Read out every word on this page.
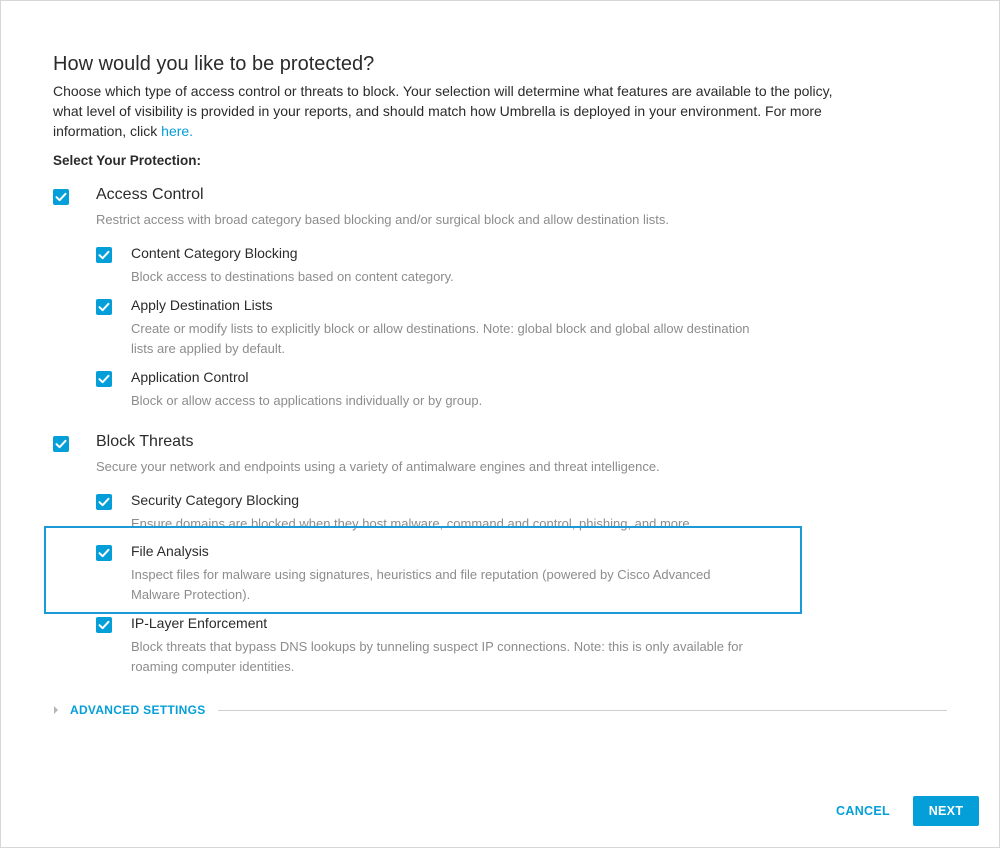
How would you like to be protected?
Choose which type of access control or threats to block. Your selection will determine what features are available to the policy, what level of visibility is provided in your reports, and should match how Umbrella is deployed in your environment. For more information, click here.
Select Your Protection:
Access Control
Restrict access with broad category based blocking and/or surgical block and allow destination lists.
Content Category Blocking
Block access to destinations based on content category.
Apply Destination Lists
Create or modify lists to explicitly block or allow destinations. Note: global block and global allow destination lists are applied by default.
Application Control
Block or allow access to applications individually or by group.
Block Threats
Secure your network and endpoints using a variety of antimalware engines and threat intelligence.
Security Category Blocking
Ensure domains are blocked when they host malware, command and control, phishing, and more.
File Analysis
Inspect files for malware using signatures, heuristics and file reputation (powered by Cisco Advanced Malware Protection).
IP-Layer Enforcement
Block threats that bypass DNS lookups by tunneling suspect IP connections. Note: this is only available for roaming computer identities.
ADVANCED SETTINGS
CANCEL	NEXT
